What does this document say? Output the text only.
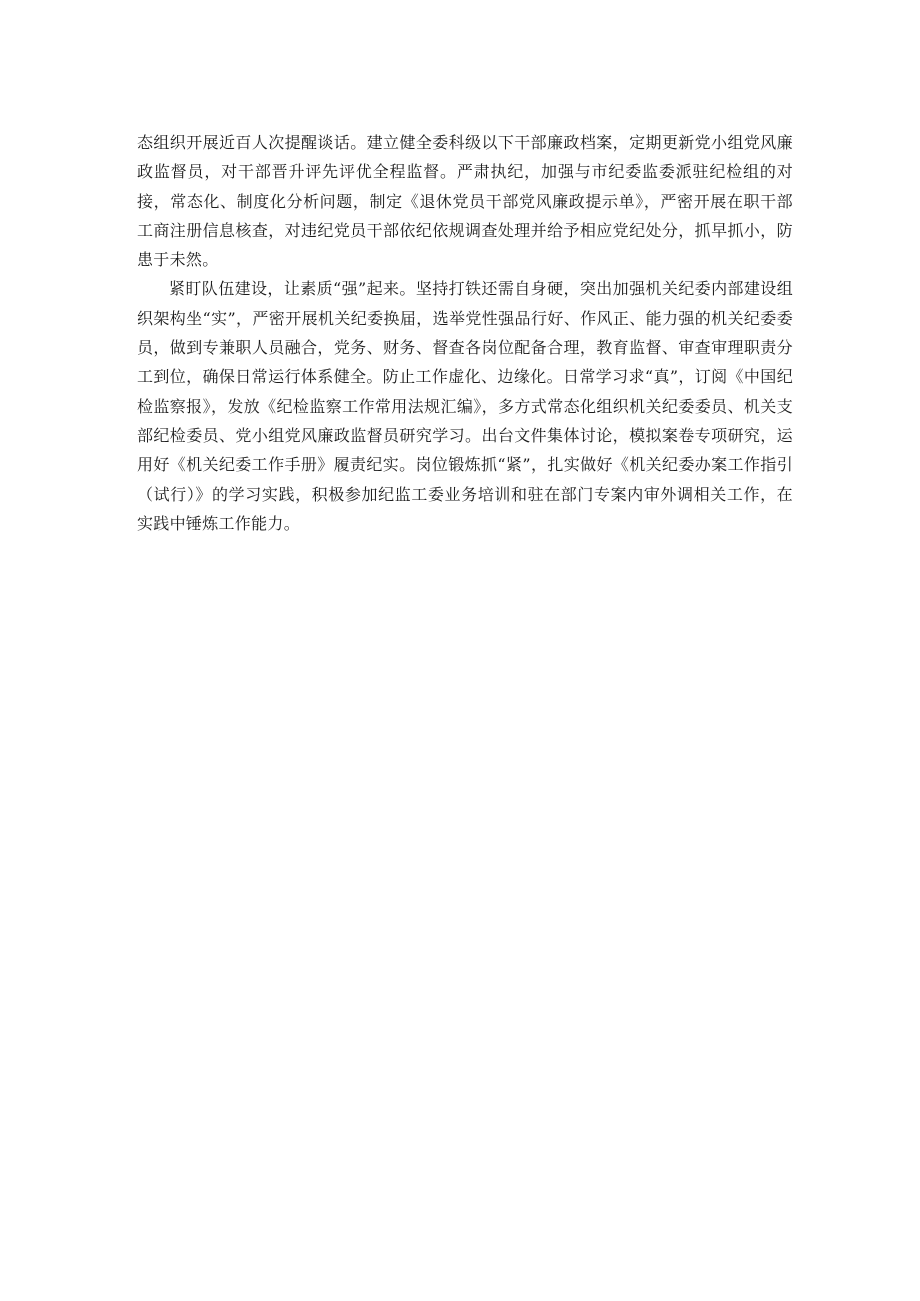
态组织开展近百人次提醒谈话。建立健全委科级以下干部廉政档案，定期更新党小组党风廉政监督员，对干部晋升评先评优全程监督。严肃执纪，加强与市纪委监委派驻纪检组的对接，常态化、制度化分析问题，制定《退休党员干部党风廉政提示单》，严密开展在职干部工商注册信息核查，对违纪党员干部依纪依规调查处理并给予相应党纪处分，抓早抓小，防患于未然。

紧盯队伍建设，让素质“强”起来。坚持打铁还需自身硬，突出加强机关纪委内部建设组织架构坐“实”，严密开展机关纪委换届，选举党性强品行好、作风正、能力强的机关纪委委员，做到专兼职人员融合，党务、财务、督查各岗位配备合理，教育监督、审查审理职责分工到位，确保日常运行体系健全。防止工作虚化、边缘化。日常学习求“真”，订阅《中国纪检监察报》，发放《纪检监察工作常用法规汇编》，多方式常态化组织机关纪委委员、机关支部纪检委员、党小组党风廉政监督员研究学习。出台文件集体讨论，模拟案卷专项研究，运用好《机关纪委工作手册》履责纪实。岗位锻炼抓“紧”，扎实做好《机关纪委办案工作指引（试行）》的学习实践，积极参加纪监工委业务培训和驻在部门专案内审外调相关工作，在实践中锤炼工作能力。
